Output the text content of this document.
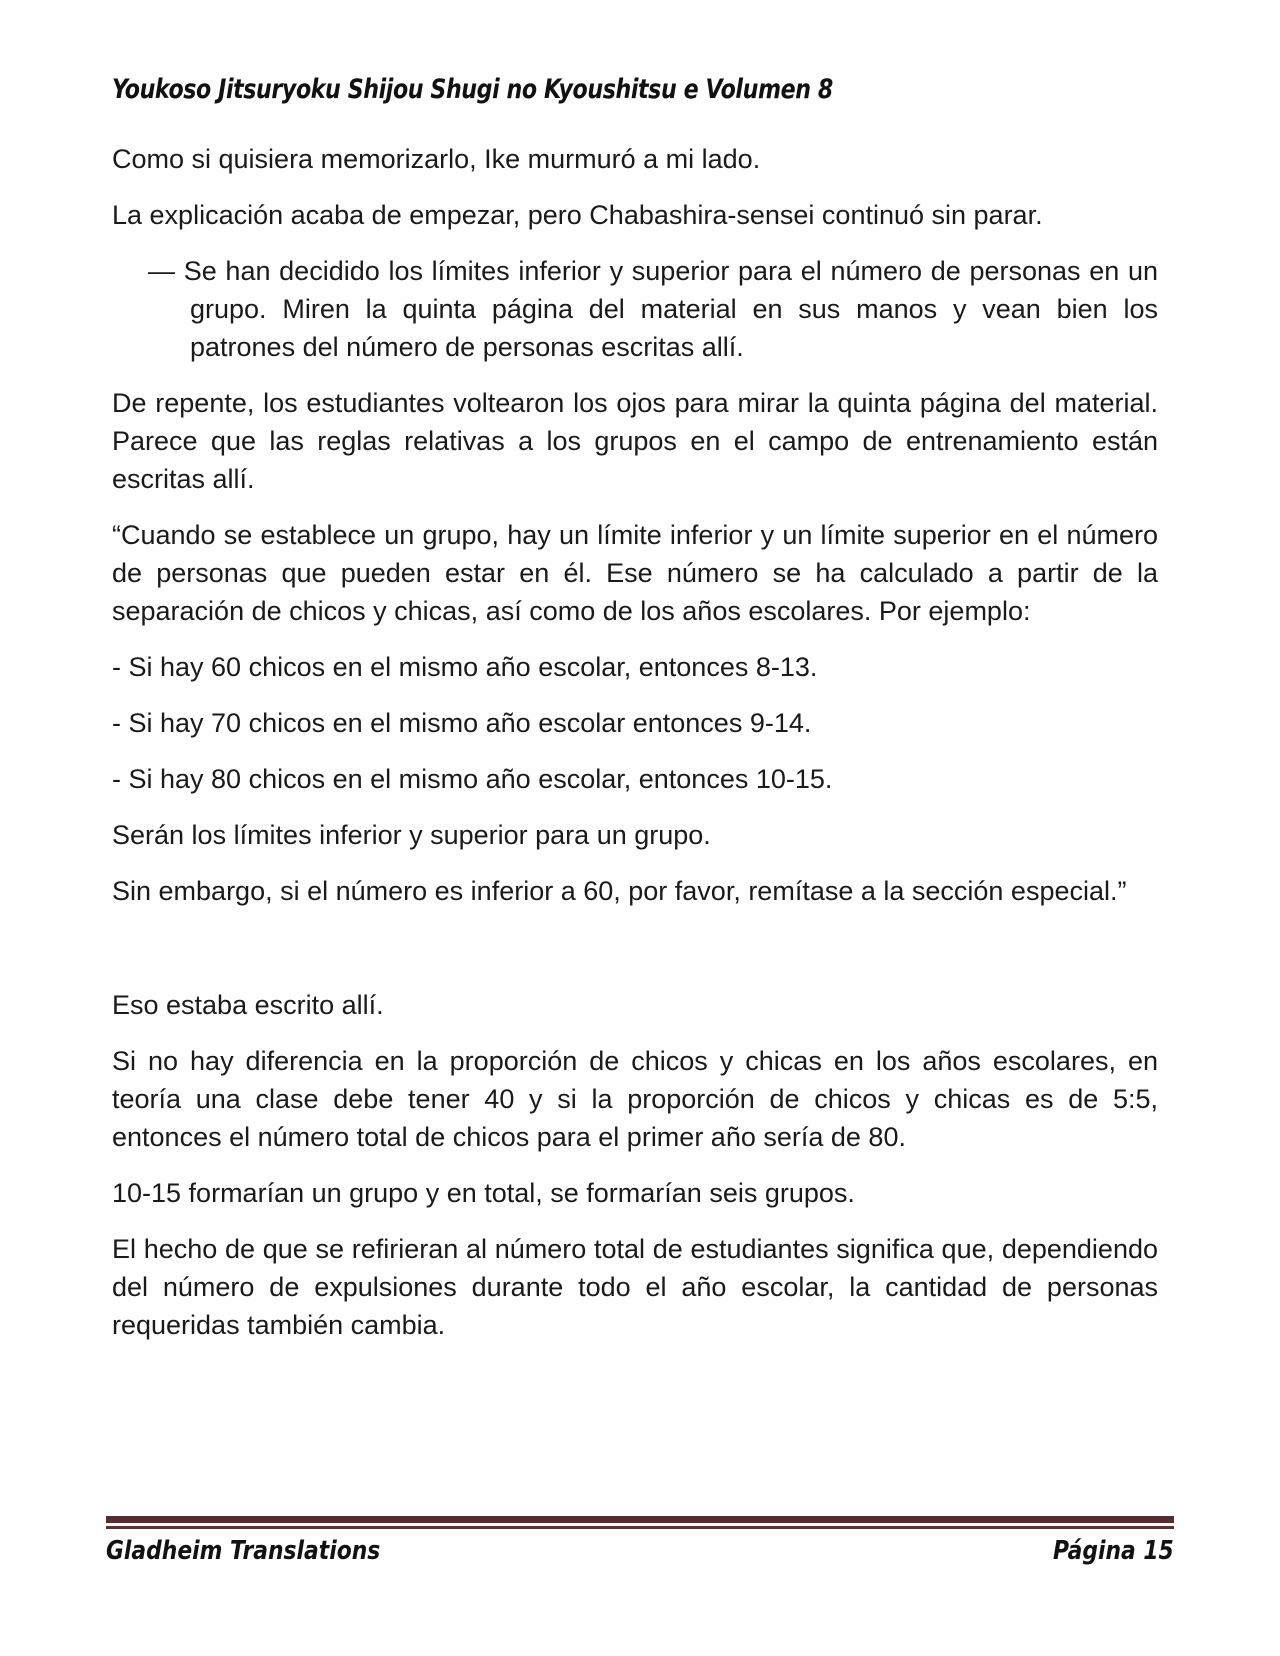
Youkoso Jitsuryoku Shijou Shugi no Kyoushitsu e Volumen 8

Como si quisiera memorizarlo, Ike murmuró a mi lado.

La explicación acaba de empezar, pero Chabashira-sensei continuó sin parar.

— Se han decidido los límites inferior y superior para el número de personas en un grupo. Miren la quinta página del material en sus manos y vean bien los patrones del número de personas escritas allí.

De repente, los estudiantes voltearon los ojos para mirar la quinta página del material. Parece que las reglas relativas a los grupos en el campo de entrenamiento están escritas allí.

“Cuando se establece un grupo, hay un límite inferior y un límite superior en el número de personas que pueden estar en él. Ese número se ha calculado a partir de la separación de chicos y chicas, así como de los años escolares. Por ejemplo:

- Si hay 60 chicos en el mismo año escolar, entonces 8-13.

- Si hay 70 chicos en el mismo año escolar entonces 9-14.

- Si hay 80 chicos en el mismo año escolar, entonces 10-15.

Serán los límites inferior y superior para un grupo.

Sin embargo, si el número es inferior a 60, por favor, remítase a la sección especial.”

Eso estaba escrito allí.

Si no hay diferencia en la proporción de chicos y chicas en los años escolares, en teoría una clase debe tener 40 y si la proporción de chicos y chicas es de 5:5, entonces el número total de chicos para el primer año sería de 80.

10-15 formarían un grupo y en total, se formarían seis grupos.

El hecho de que se refirieran al número total de estudiantes significa que, dependiendo del número de expulsiones durante todo el año escolar, la cantidad de personas requeridas también cambia.

Gladheim Translations	Página 15
